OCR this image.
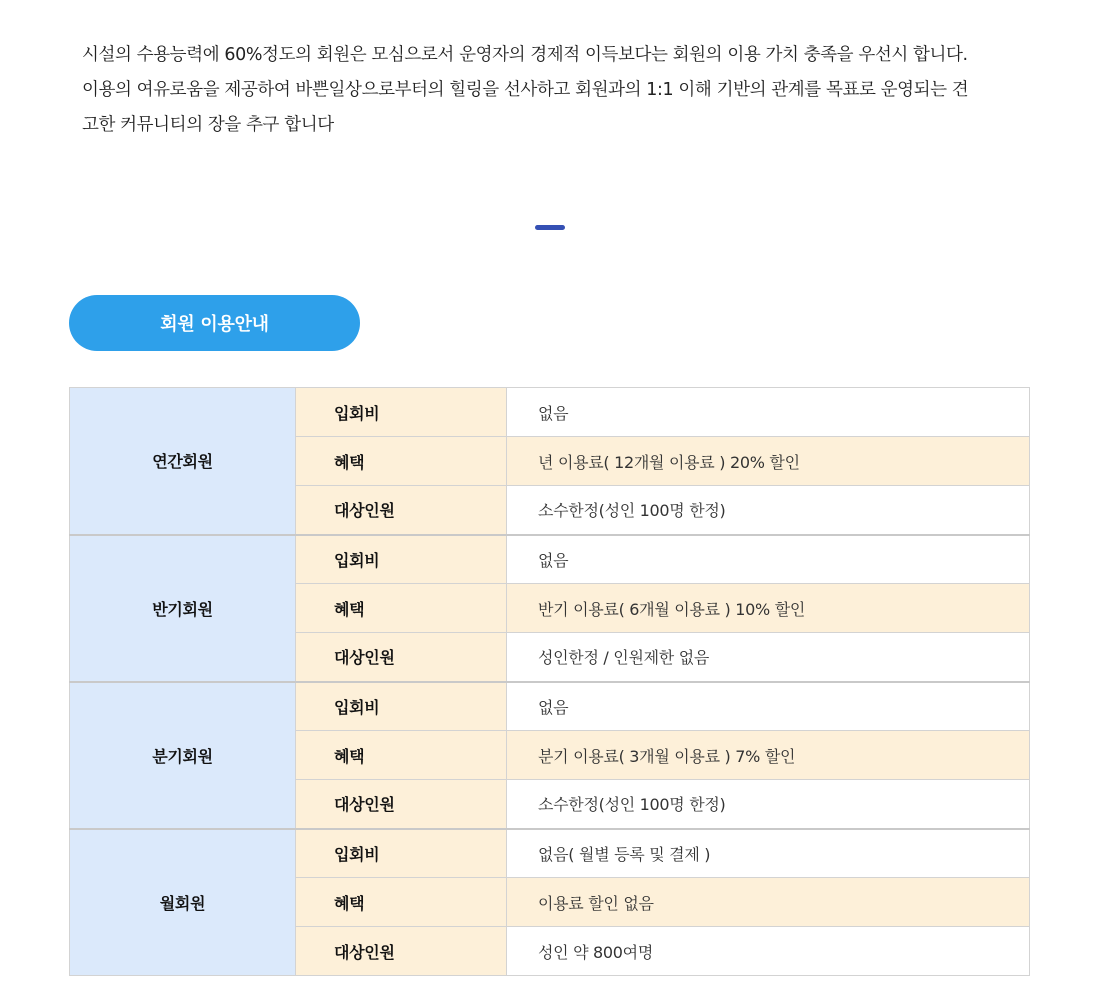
시설의 수용능력에 60%정도의 회원은 모심으로서 운영자의 경제적 이득보다는 회원의 이용 가치 충족을 우선시 합니다.

이용의 여유로움을 제공하여 바쁜일상으로부터의 힐링을 선사하고 회원과의 1:1 이해 기반의 관계를 목표로 운영되는 견

고한 커뮤니티의 장을 추구 합니다

회원 이용안내
연간회원	입회비	없음
	혜택	년 이용료( 12개월 이용료 ) 20% 할인
	대상인원	소수한정(성인 100명 한정)
반기회원	입회비	없음
	혜택	반기 이용료( 6개월 이용료 ) 10% 할인
	대상인원	성인한정 / 인원제한 없음
분기회원	입회비	없음
	혜택	분기 이용료( 3개월 이용료 ) 7% 할인
	대상인원	소수한정(성인 100명 한정)
월회원	입회비	없음( 월별 등록 및 결제 )
	혜택	이용료 할인 없음
	대상인원	성인 약 800여명
